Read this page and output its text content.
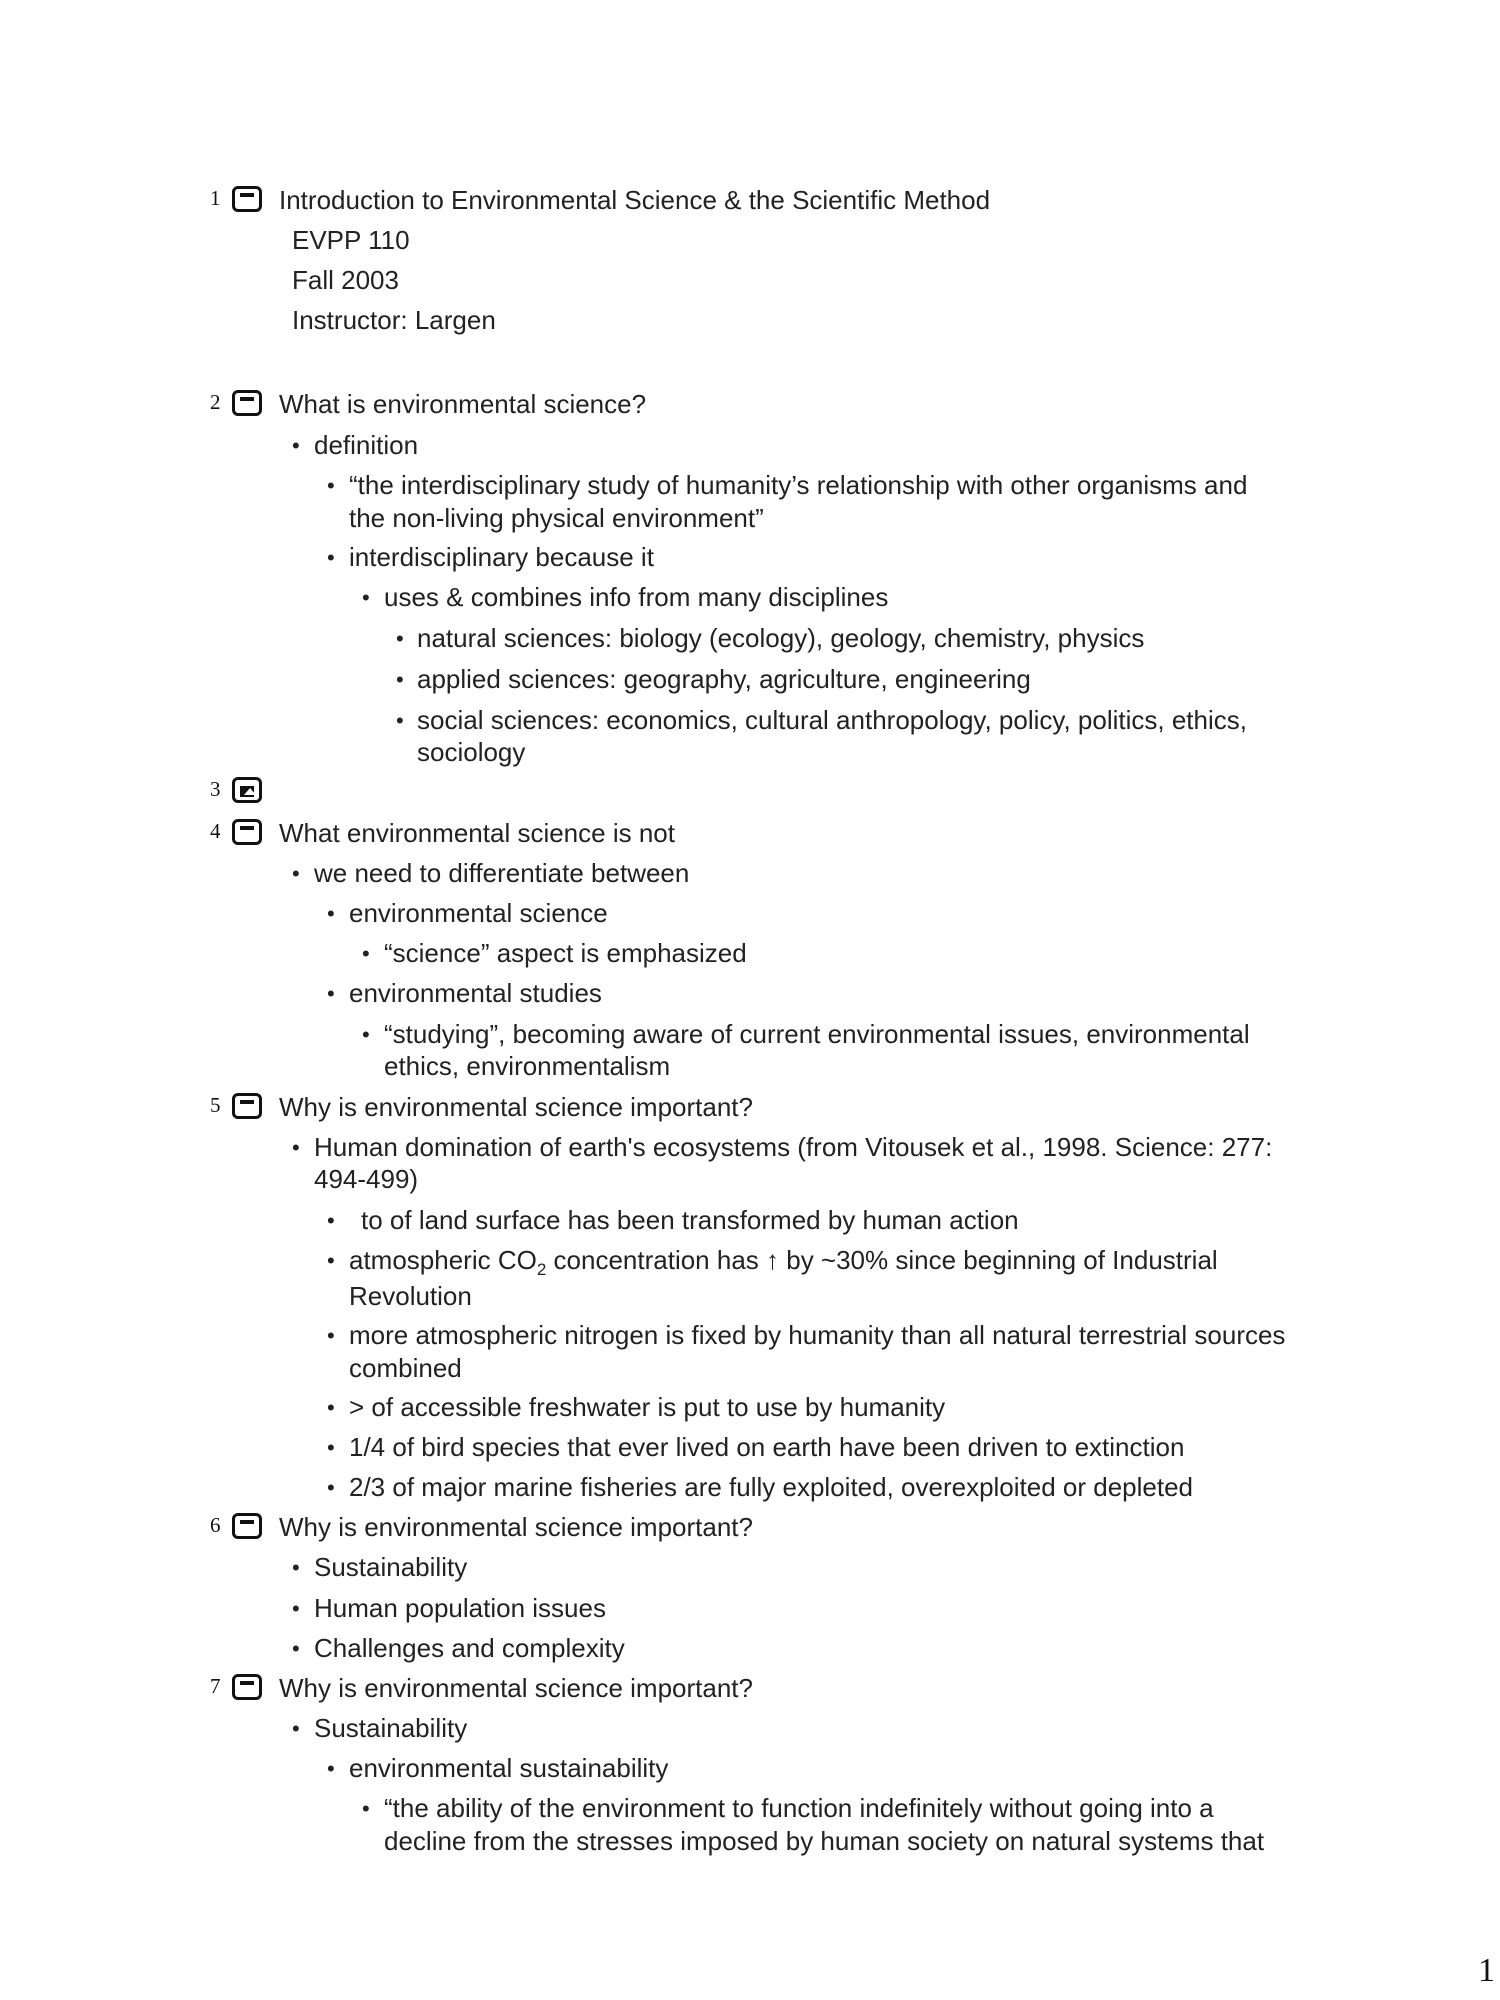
1 Introduction to Environmental Science & the Scientific Method
EVPP 110
Fall 2003
Instructor: Largen
2 What is environmental science?
• definition
• “the interdisciplinary study of humanity’s relationship with other organisms and
the non-living physical environment”
• interdisciplinary because it
• uses & combines info from many disciplines
• natural sciences: biology (ecology), geology, chemistry, physics
• applied sciences: geography, agriculture, engineering
• social sciences: economics, cultural anthropology, policy, politics, ethics,
sociology
3
4 What environmental science is not
• we need to differentiate between
• environmental science
• “science” aspect is emphasized
• environmental studies
• “studying”, becoming aware of current environmental issues, environmental
ethics, environmentalism
5 Why is environmental science important?
• Human domination of earth's ecosystems (from Vitousek et al., 1998. Science: 277:
494-499)
• to of land surface has been transformed by human action
• atmospheric $CO_2$ concentration has ↑ by ~30% since beginning of Industrial
Revolution
• more atmospheric nitrogen is fixed by humanity than all natural terrestrial sources
combined
• > of accessible freshwater is put to use by humanity
• 1/4 of bird species that ever lived on earth have been driven to extinction
• 2/3 of major marine fisheries are fully exploited, overexploited or depleted
6 Why is environmental science important?
• Sustainability
• Human population issues
• Challenges and complexity
7 Why is environmental science important?
• Sustainability
• environmental sustainability
• “the ability of the environment to function indefinitely without going into a
decline from the stresses imposed by human society on natural systems that
1
